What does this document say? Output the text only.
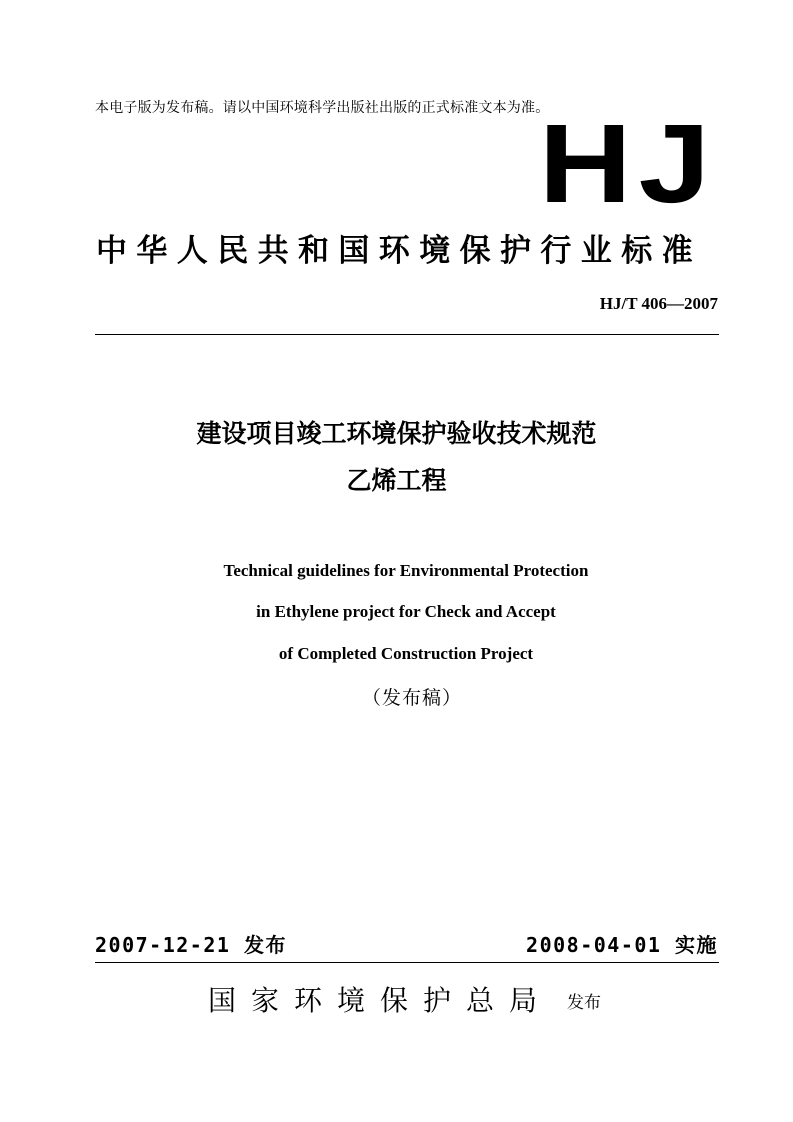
本电子版为发布稿。请以中国环境科学出版社出版的正式标准文本为准。
HJ
中华人民共和国环境保护行业标准
HJ/T 406—2007
建设项目竣工环境保护验收技术规范
乙烯工程
Technical guidelines for Environmental Protection
in Ethylene project for Check and Accept
of Completed Construction Project
（发布稿）
2007-12-21 发布	2008-04-01 实施
国家环境保护总局 发布
